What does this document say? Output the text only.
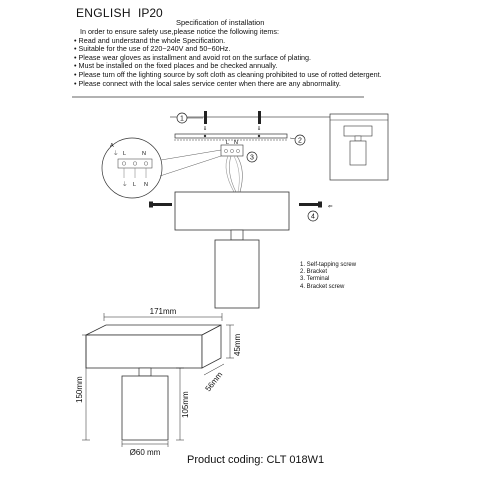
ENGLISH IP20
Specification of installation
In order to ensure safety use,please notice the following items:
• Read and understand the whole Specification.
• Suitable for the use of 220~240V and 50~60Hz.
• Please wear gloves as installment and avoid rot on the surface of plating.
• Must be installed on the fixed places and be checked annually.
• Please turn off the lighting source by soft cloth as cleaning prohibited to use of rotted detergent.
• Please connect with the local sales service center when there are any abnormality.
⇓	⇓
1
2
L N
3
⏚ L	N
A
⏚ L N
⇐
4
171mm
45mm
56mm
150mm
105mm
Ø60 mm
1. Self-tapping screw
2. Bracket
3. Terminal
4. Bracket screw
Product coding: CLT 018W1
